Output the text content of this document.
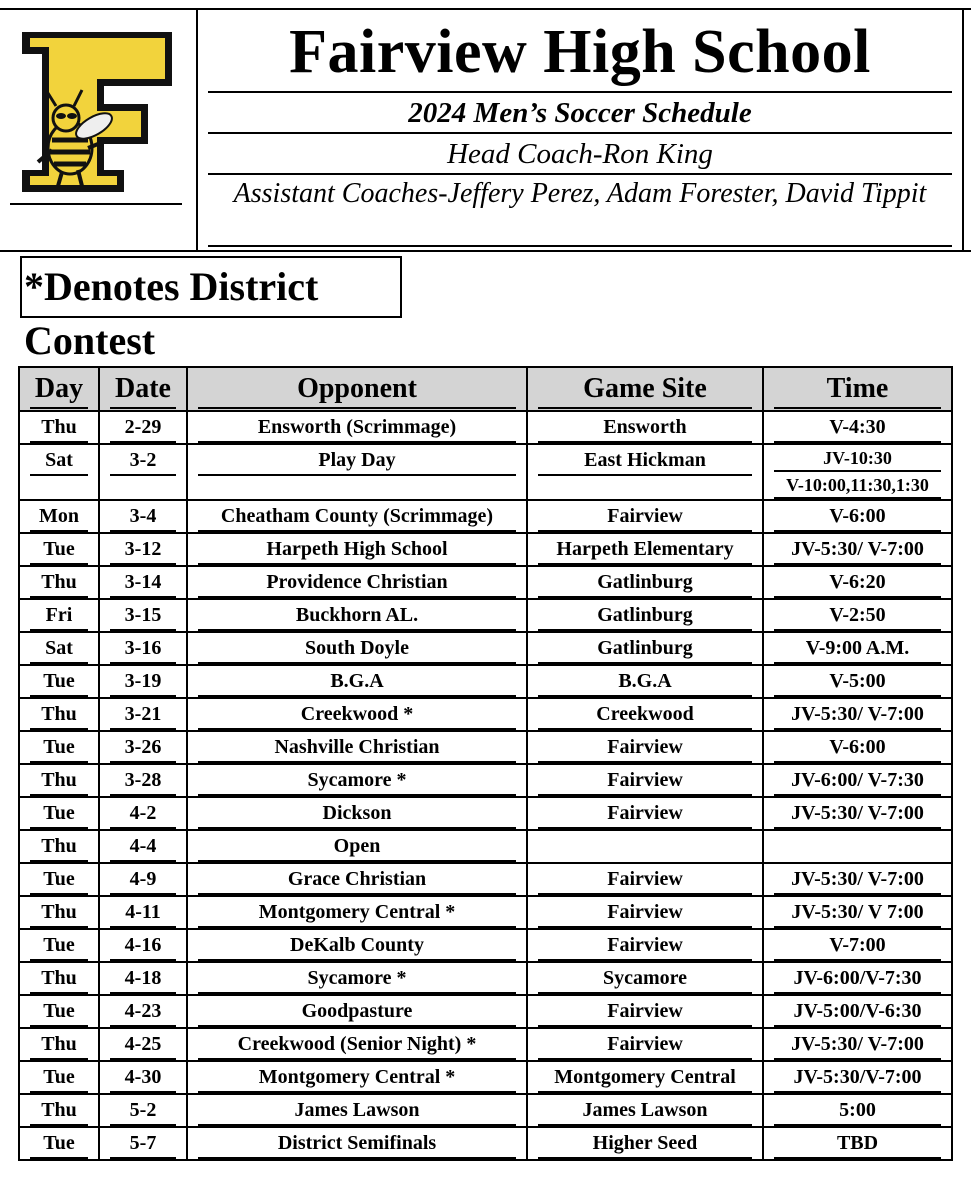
Fairview High School
2024 Men’s Soccer Schedule
Head Coach-Ron King
Assistant Coaches-Jeffery Perez, Adam Forester, David Tippit
*Denotes District
Contest
Day	Date	Opponent	Game Site	Time

Thu	2-29	Ensworth (Scrimmage)	Ensworth	V-4:30

Sat	3-2	Play Day	East Hickman	JV-10:30
V-10:00,11:30,1:30

Mon	3-4	Cheatham County (Scrimmage)	Fairview	V-6:00

Tue	3-12	Harpeth High School	Harpeth Elementary	JV-5:30/ V-7:00

Thu	3-14	Providence Christian	Gatlinburg	V-6:20

Fri	3-15	Buckhorn AL.	Gatlinburg	V-2:50

Sat	3-16	South Doyle	Gatlinburg	V-9:00 A.M.

Tue	3-19	B.G.A	B.G.A	V-5:00

Thu	3-21	Creekwood *	Creekwood	JV-5:30/ V-7:00

Tue	3-26	Nashville Christian	Fairview	V-6:00

Thu	3-28	Sycamore *	Fairview	JV-6:00/ V-7:30

Tue	4-2	Dickson	Fairview	JV-5:30/ V-7:00

Thu	4-4	Open		

Tue	4-9	Grace Christian	Fairview	JV-5:30/ V-7:00

Thu	4-11	Montgomery Central *	Fairview	JV-5:30/ V 7:00

Tue	4-16	DeKalb County	Fairview	V-7:00

Thu	4-18	Sycamore *	Sycamore	JV-6:00/V-7:30

Tue	4-23	Goodpasture	Fairview	JV-5:00/V-6:30

Thu	4-25	Creekwood (Senior Night) *	Fairview	JV-5:30/ V-7:00

Tue	4-30	Montgomery Central *	Montgomery Central	JV-5:30/V-7:00

Thu	5-2	James Lawson	James Lawson	5:00

Tue	5-7	District Semifinals	Higher Seed	TBD
